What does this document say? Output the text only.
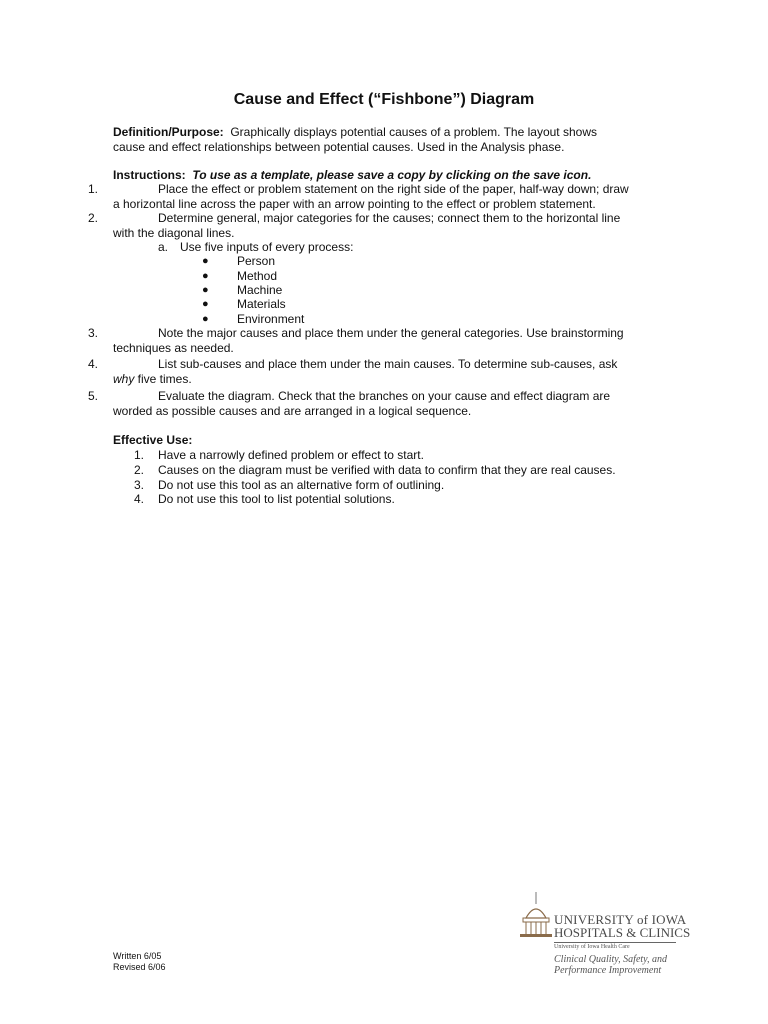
Cause and Effect (“Fishbone”) Diagram
Definition/Purpose: Graphically displays potential causes of a problem. The layout shows
cause and effect relationships between potential causes. Used in the Analysis phase.
Instructions: To use as a template, please save a copy by clicking on the save icon.
1.	Place the effect or problem statement on the right side of the paper, half-way down; draw
a horizontal line across the paper with an arrow pointing to the effect or problem statement.
2.	Determine general, major categories for the causes; connect them to the horizontal line
with the diagonal lines.
a. Use five inputs of every process:
● Person
● Method
● Machine
● Materials
● Environment
3.	Note the major causes and place them under the general categories. Use brainstorming
techniques as needed.
4.	List sub-causes and place them under the main causes. To determine sub-causes, ask
why five times.
5.	Evaluate the diagram. Check that the branches on your cause and effect diagram are
worded as possible causes and are arranged in a logical sequence.
Effective Use:
1. Have a narrowly defined problem or effect to start.
2. Causes on the diagram must be verified with data to confirm that they are real causes.
3. Do not use this tool as an alternative form of outlining.
4. Do not use this tool to list potential solutions.
Written 6/05
Revised 6/06
UNIVERSITY of IOWA
HOSPITALS & CLINICS
University of Iowa Health Care
Clinical Quality, Safety, and
Performance Improvement
